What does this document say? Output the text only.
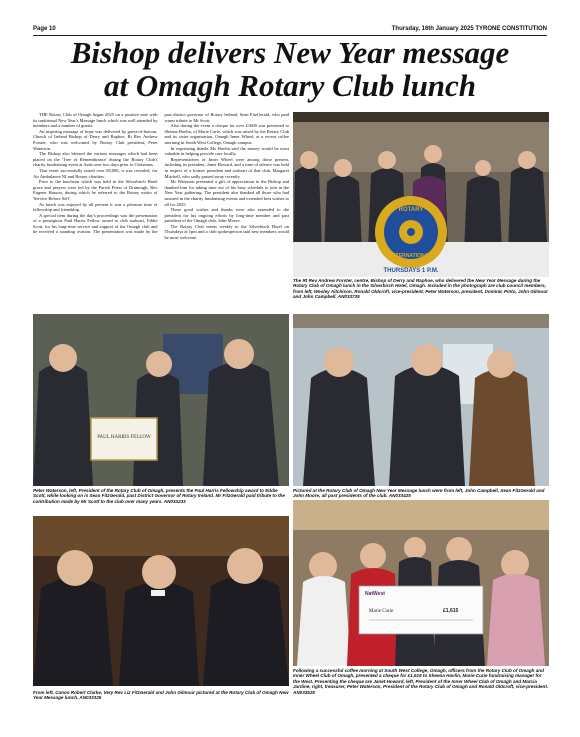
Page 10	Thursday, 16th January 2025 TYRONE CONSTITUTION
Bishop delivers New Year message
at Omagh Rotary Club lunch

THE Rotary Club of Omagh began 2025 on a positive note with its traditional New Year's Message lunch which was well attended by members and a number of guests.

An inspiring message of hope was delivered by guest-of-honour, Church of Ireland Bishop of Derry and Raphoe, Rt Rev Andrew Forster, who was welcomed by Rotary Club president, Peter Waterson.

The Bishop also blessed the various messages which had been placed on the 'Tree of Remembrance' during the Rotary Club's charity fundraising event at Asda over two days prior to Christmas.

That event successfully raised over £8,000, it was revealed, for Air Ambulance NI and Rotary charities.

Prior to the luncheon which was held in the Silverbirch Hotel grace and prayers were led by the Parish Priest of Drumragh, Rev Eugene Hasson, during which he referred to the Rotary motto of 'Service Before Self'.

As lunch was enjoyed by all present it was a pleasure time of fellowship and friendship.

A special item during the day's proceedings was the presentation of a prestigious Paul Harris Fellow award to club stalwart, Eddie Scott, for his long-time service and support of the Omagh club and he received a standing ovation. The presentation was made by the past district governor of Rotary Ireland, Sean FitzGerald, who paid warm tribute to Mr Scott.

Also during the event a cheque for over £1600 was presented to Sheena Havlin, of Marie Curie, which was raised by the Rotary Club and its sister organisation, Omagh Inner Wheel, at a recent coffee morning in South West College, Omagh campus.

In expressing thanks Ms Havlin said the money would be most valuable in helping provide care locally.

Representatives of Inner Wheel were among those present, including its president, Janet Howard, and a time of silence was held in respect of a former president and stalwart of that club, Margaret Mitchell, who sadly passed away recently.

Mr Waterson presented a gift of appreciation to the Bishop and thanked him for taking time out of his busy schedule to join in the New Year gathering. The president also thanked all those who had assisted in the charity fundraising events and extended best wishes to all for 2025.

These good wishes and thanks were also extended to the president for his ongoing efforts by long-time member and past president of the Omagh club, John Moore.

The Rotary Club meets weekly in the Silverbirch Hotel on Thursdays at 1pm and a club spokesperson said new members would be most welcome.

ROTARY
INTERNATIONAL
THURSDAYS 1 P.M.
The Rt Rev Andrew Forster, centre, Bishop of Derry and Raphoe, who delivered the New Year Message during the Rotary Club of Omagh lunch in the Silverbirch Hotel, Omagh. Included in the photograph are club council members, from left, Wesley Aitchison, Ronald Oldcroft, vice-president, Peter Waterson, president, Dominic Pinto, John Gilmour and John Campbell. AN033725
PAUL HARRIS FELLOW
Peter Waterson, left, President of the Rotary Club of Omagh, presents the Paul Harris Fellowship award to Eddie Scott, while looking on is Sean FitzGerald, past District Governor of Rotary Ireland. Mr FitzGerald paid tribute to the contribution made by Mr Scott to the club over many years. AN033233
Pictured at the Rotary Club of Omagh New Year Message lunch were from left, John Campbell, Sean FitzGerald and John Moore, all past presidents of the club. AN033425
From left, Canon Robert Clarke, Very Rev Liz FitzGerald and John Gilmour pictured at the Rotary Club of Omagh New Year Message lunch. AN033325
NatWest
Marie Curie	£1,615
Following a successful coffee morning at South West College, Omagh, officers from the Rotary Club of Omagh and Inner Wheel Club of Omagh, presented a cheque for £1,615 to Sheena Havlin, Marie Curie fundraising manager for the West. Presenting the cheque are Janet Howard, left, President of the Inner Wheel Club of Omagh and Marcia Jardine, right, treasurer, Peter Waterson, President of the Rotary Club of Omagh and Ronald Oldcroft, vice-president. AN033525
